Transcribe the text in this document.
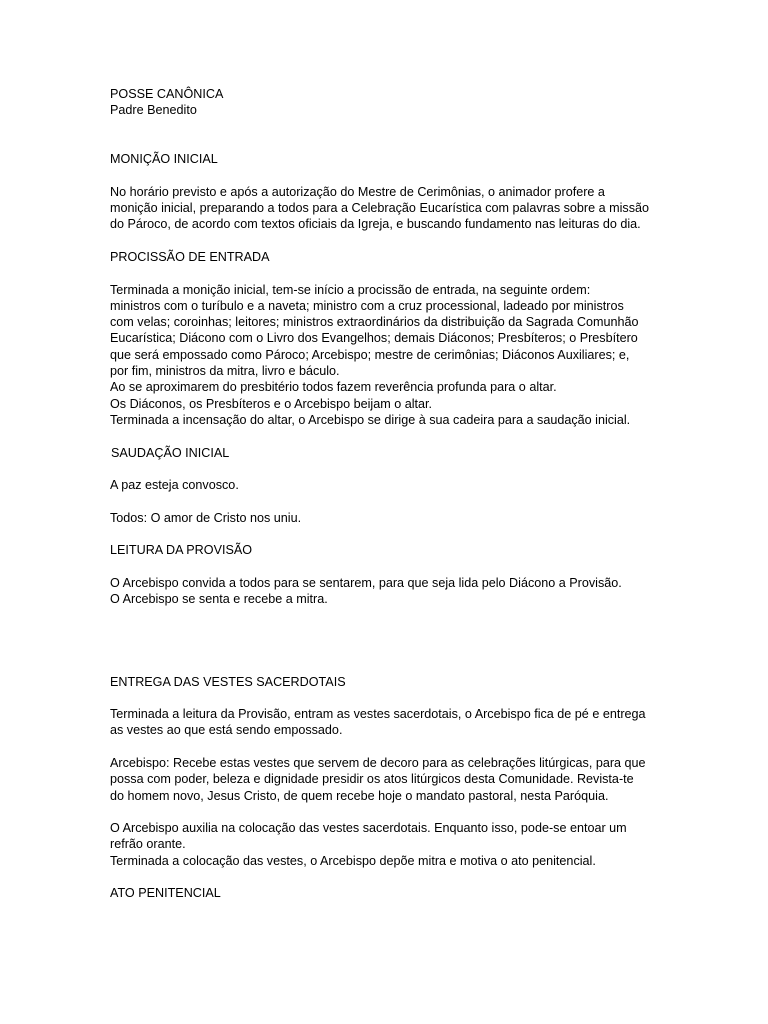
POSSE CANÔNICA
Padre Benedito
MONIÇÃO INICIAL
No horário previsto e após a autorização do Mestre de Cerimônias, o animador profere a
monição inicial, preparando a todos para a Celebração Eucarística com palavras sobre a missão
do Pároco, de acordo com textos oficiais da Igreja, e buscando fundamento nas leituras do dia.
PROCISSÃO DE ENTRADA
Terminada a monição inicial, tem-se início a procissão de entrada, na seguinte ordem:
ministros com o turíbulo e a naveta; ministro com a cruz processional, ladeado por ministros
com velas; coroinhas; leitores; ministros extraordinários da distribuição da Sagrada Comunhão
Eucarística; Diácono com o Livro dos Evangelhos; demais Diáconos; Presbíteros; o Presbítero
que será empossado como Pároco; Arcebispo; mestre de cerimônias; Diáconos Auxiliares; e,
por fim, ministros da mitra, livro e báculo.
Ao se aproximarem do presbitério todos fazem reverência profunda para o altar.
Os Diáconos, os Presbíteros e o Arcebispo beijam o altar.
Terminada a incensação do altar, o Arcebispo se dirige à sua cadeira para a saudação inicial.
SAUDAÇÃO INICIAL
A paz esteja convosco.
Todos: O amor de Cristo nos uniu.
LEITURA DA PROVISÃO
O Arcebispo convida a todos para se sentarem, para que seja lida pelo Diácono a Provisão.
O Arcebispo se senta e recebe a mitra.
ENTREGA DAS VESTES SACERDOTAIS
Terminada a leitura da Provisão, entram as vestes sacerdotais, o Arcebispo fica de pé e entrega
as vestes ao que está sendo empossado.
Arcebispo: Recebe estas vestes que servem de decoro para as celebrações litúrgicas, para que
possa com poder, beleza e dignidade presidir os atos litúrgicos desta Comunidade. Revista-te
do homem novo, Jesus Cristo, de quem recebe hoje o mandato pastoral, nesta Paróquia.
O Arcebispo auxilia na colocação das vestes sacerdotais. Enquanto isso, pode-se entoar um
refrão orante.
Terminada a colocação das vestes, o Arcebispo depõe mitra e motiva o ato penitencial.
ATO PENITENCIAL
